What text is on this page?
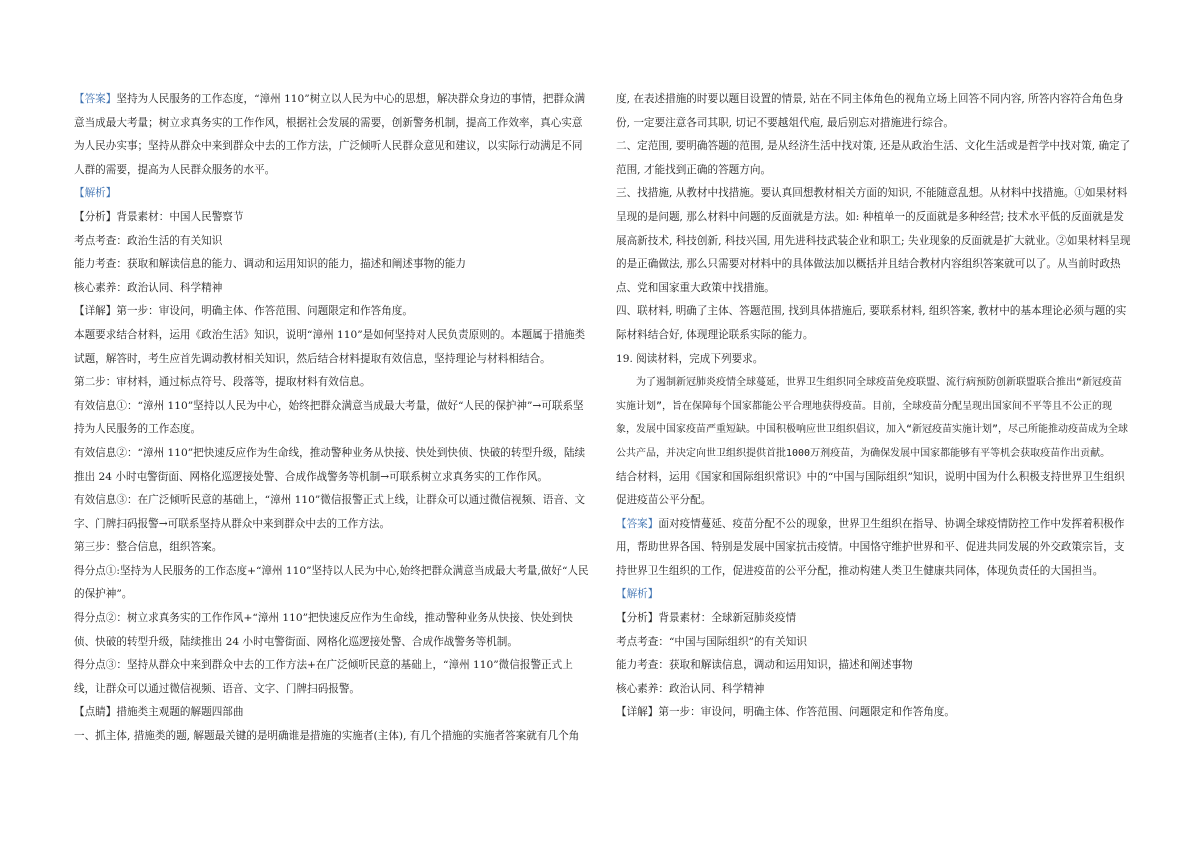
【答案】坚持为人民服务的工作态度，“漳州 110”树立以人民为中心的思想，解决群众身边的事情，把群众满意当成最大考量；树立求真务实的工作作风，根据社会发展的需要，创新警务机制，提高工作效率，真心实意为人民办实事；坚持从群众中来到群众中去的工作方法，广泛倾听人民群众意见和建议，以实际行动满足不同人群的需要，提高为人民群众服务的水平。

【解析】

【分析】背景素材：中国人民警察节

考点考查：政治生活的有关知识

能力考查：获取和解读信息的能力、调动和运用知识的能力，描述和阐述事物的能力

核心素养：政治认同、科学精神

【详解】第一步：审设问，明确主体、作答范围、问题限定和作答角度。

本题要求结合材料，运用《政治生活》知识，说明“漳州 110”是如何坚持对人民负责原则的。本题属于措施类试题，解答时，考生应首先调动教材相关知识，然后结合材料提取有效信息，坚持理论与材料相结合。

第二步：审材料，通过标点符号、段落等，提取材料有效信息。

有效信息①：“漳州 110”坚持以人民为中心，始终把群众满意当成最大考量，做好“人民的保护神”→可联系坚持为人民服务的工作态度。

有效信息②：“漳州 110”把快速反应作为生命线，推动警种业务从快接、快处到快侦、快破的转型升级，陆续推出 24 小时屯警街面、网格化巡逻接处警、合成作战警务等机制→可联系树立求真务实的工作作风。

有效信息③：在广泛倾听民意的基础上，“漳州 110”微信报警正式上线，让群众可以通过微信视频、语音、文字、门牌扫码报警→可联系坚持从群众中来到群众中去的工作方法。

第三步：整合信息，组织答案。

得分点①:坚持为人民服务的工作态度+“漳州 110”坚持以人民为中心,始终把群众满意当成最大考量,做好“人民的保护神”。

得分点②：树立求真务实的工作作风+“漳州 110”把快速反应作为生命线，推动警种业务从快接、快处到快侦、快破的转型升级，陆续推出 24 小时屯警街面、网格化巡逻接处警、合成作战警务等机制。

得分点③：坚持从群众中来到群众中去的工作方法+在广泛倾听民意的基础上，“漳州 110”微信报警正式上线，让群众可以通过微信视频、语音、文字、门牌扫码报警。

【点睛】措施类主观题的解题四部曲

一、抓主体, 措施类的题, 解题最关键的是明确谁是措施的实施者(主体), 有几个措施的实施者答案就有几个角

度, 在表述措施的时要以题目设置的情景, 站在不同主体角色的视角立场上回答不同内容, 所答内容符合角色身份, 一定要注意各司其职, 切记不要越俎代庖, 最后别忘对措施进行综合。

二、定范围, 要明确答题的范围, 是从经济生活中找对策, 还是从政治生活、文化生活或是哲学中找对策, 确定了范围, 才能找到正确的答题方向。

三、找措施, 从教材中找措施。要认真回想教材相关方面的知识, 不能随意乱想。从材料中找措施。①如果材料呈现的是问题, 那么材料中问题的反面就是方法。如: 种植单一的反面就是多种经营; 技术水平低的反面就是发展高新技术, 科技创新, 科技兴国, 用先进科技武装企业和职工; 失业现象的反面就是扩大就业。②如果材料呈现的是正确做法, 那么只需要对材料中的具体做法加以概括并且结合教材内容组织答案就可以了。从当前时政热点、党和国家重大政策中找措施。

四、联材料, 明确了主体、答题范围, 找到具体措施后, 要联系材料, 组织答案, 教材中的基本理论必须与题的实际材料结合好, 体现理论联系实际的能力。

19. 阅读材料，完成下列要求。

为了遏制新冠肺炎疫情全球蔓延，世界卫生组织同全球疫苗免疫联盟、流行病预防创新联盟联合推出“新冠疫苗实施计划”，旨在保障每个国家都能公平合理地获得疫苗。目前，全球疫苗分配呈现出国家间不平等且不公正的现象，发展中国家疫苗严重短缺。中国积极响应世卫组织倡议，加入“新冠疫苗实施计划”，尽己所能推动疫苗成为全球公共产品，并决定向世卫组织提供首批1000万剂疫苗，为确保发展中国家都能够有平等机会获取疫苗作出贡献。

结合材料，运用《国家和国际组织常识》中的“中国与国际组织”知识，说明中国为什么积极支持世界卫生组织促进疫苗公平分配。

【答案】面对疫情蔓延、疫苗分配不公的现象，世界卫生组织在指导、协调全球疫情防控工作中发挥着积极作用，帮助世界各国、特别是发展中国家抗击疫情。中国恪守维护世界和平、促进共同发展的外交政策宗旨，支持世界卫生组织的工作，促进疫苗的公平分配，推动构建人类卫生健康共同体，体现负责任的大国担当。

【解析】

【分析】背景素材：全球新冠肺炎疫情

考点考查：“中国与国际组织”的有关知识

能力考查：获取和解读信息，调动和运用知识，描述和阐述事物

核心素养：政治认同、科学精神

【详解】第一步：审设问，明确主体、作答范围、问题限定和作答角度。
